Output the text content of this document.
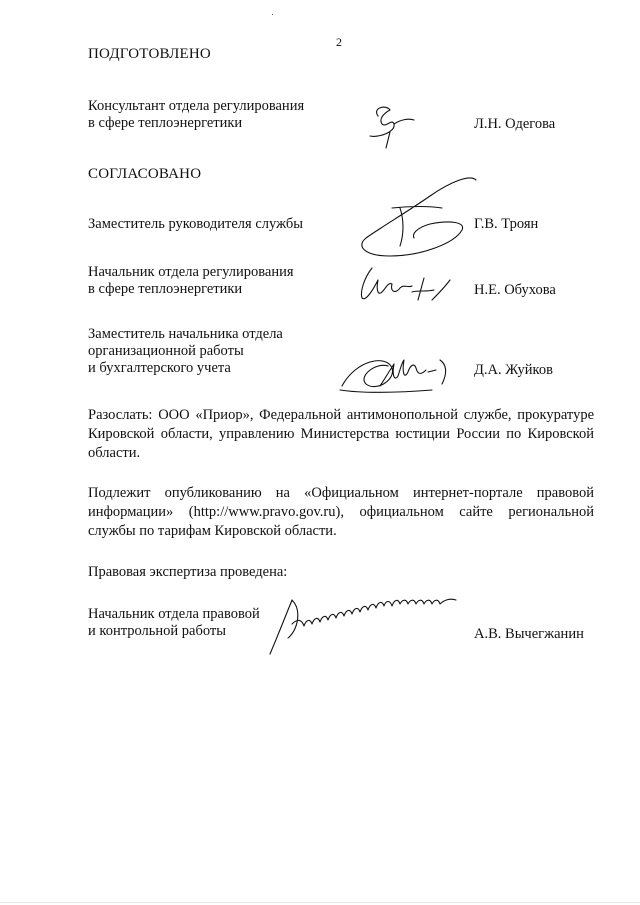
2
ПОДГОТОВЛЕНО
Консультант отдела регулирования
в сфере теплоэнергетики	Л.Н. Одегова
СОГЛАСОВАНО
Заместитель руководителя службы	Г.В. Троян
Начальник отдела регулирования
в сфере теплоэнергетики	Н.Е. Обухова
Заместитель начальника отдела
организационной работы
и бухгалтерского учета	Д.А. Жуйков
Разослать: ООО «Приор», Федеральной антимонопольной службе, прокуратуре Кировской области, управлению Министерства юстиции России по Кировской области.
Подлежит опубликованию на «Официальном интернет-портале правовой информации» (http://www.pravo.gov.ru), официальном сайте региональной службы по тарифам Кировской области.
Правовая экспертиза проведена:
Начальник отдела правовой
и контрольной работы	А.В. Вычегжанин
